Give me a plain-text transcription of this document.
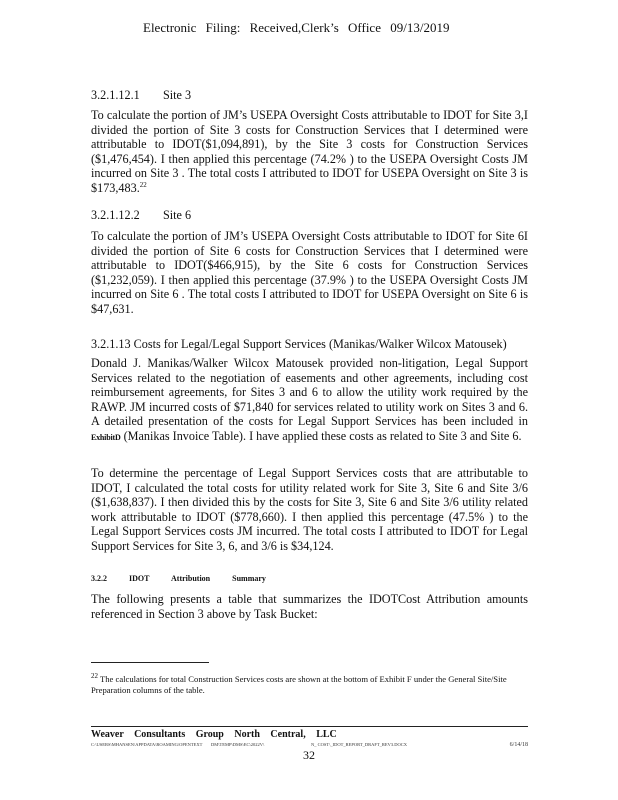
Electronic Filing: Received,Clerk’s Office 09/13/2019
3.2.1.12.1 Site 3
To calculate the portion of JM’s USEPA Oversight Costs attributable to IDOT for Site 3,I divided the portion of Site 3 costs for Construction Services that I determined were attributable to IDOT($1,094,891), by the Site 3 costs for Construction Services ($1,476,454). I then applied this percentage (74.2% ) to the USEPA Oversight Costs JM incurred on Site 3 . The total costs I attributed to IDOT for USEPA Oversight on Site 3 is $173,483.22
3.2.1.12.2 Site 6
To calculate the portion of JM’s USEPA Oversight Costs attributable to IDOT for Site 6I divided the portion of Site 6 costs for Construction Services that I determined were attributable to IDOT($466,915), by the Site 6 costs for Construction Services ($1,232,059). I then applied this percentage (37.9% ) to the USEPA Oversight Costs JM incurred on Site 6 . The total costs I attributed to IDOT for USEPA Oversight on Site 6 is $47,631.
3.2.1.13 Costs for Legal/Legal Support Services (Manikas/Walker Wilcox Matousek)
Donald J. Manikas/Walker Wilcox Matousek provided non-litigation, Legal Support Services related to the negotiation of easements and other agreements, including cost reimbursement agreements, for Sites 3 and 6 to allow the utility work required by the RAWP. JM incurred costs of $71,840 for services related to utility work on Sites 3 and 6. A detailed presentation of the costs for Legal Support Services has been included in ExhibitD (Manikas Invoice Table). I have applied these costs as related to Site 3 and Site 6.
To determine the percentage of Legal Support Services costs that are attributable to IDOT, I calculated the total costs for utility related work for Site 3, Site 6 and Site 3/6 ($1,638,837). I then divided this by the costs for Site 3, Site 6 and Site 3/6 utility related work attributable to IDOT ($778,660). I then applied this percentage (47.5% ) to the Legal Support Services costs JM incurred. The total costs I attributed to IDOT for Legal Support Services for Site 3, 6, and 3/6 is $34,124.
3.2.2	IDOT	Attribution	Summary
The following presents a table that summarizes the IDOTCost Attribution amounts referenced in Section 3 above by Task Bucket:
$^{22}$ The calculations for total Construction Services costs are shown at the bottom of Exhibit F under the General Site/Site Preparation columns of the table.
Weaver Consultants Group North Central, LLC
C:\USERS\MHANSEN\APPDATA\ROAMING\OPENTEXT DM\TEMP\DMS\EC\2022V\	N_ COST\_IDOT_REPORT_DRAFT_REV3.DOCX	6/14/18
32
